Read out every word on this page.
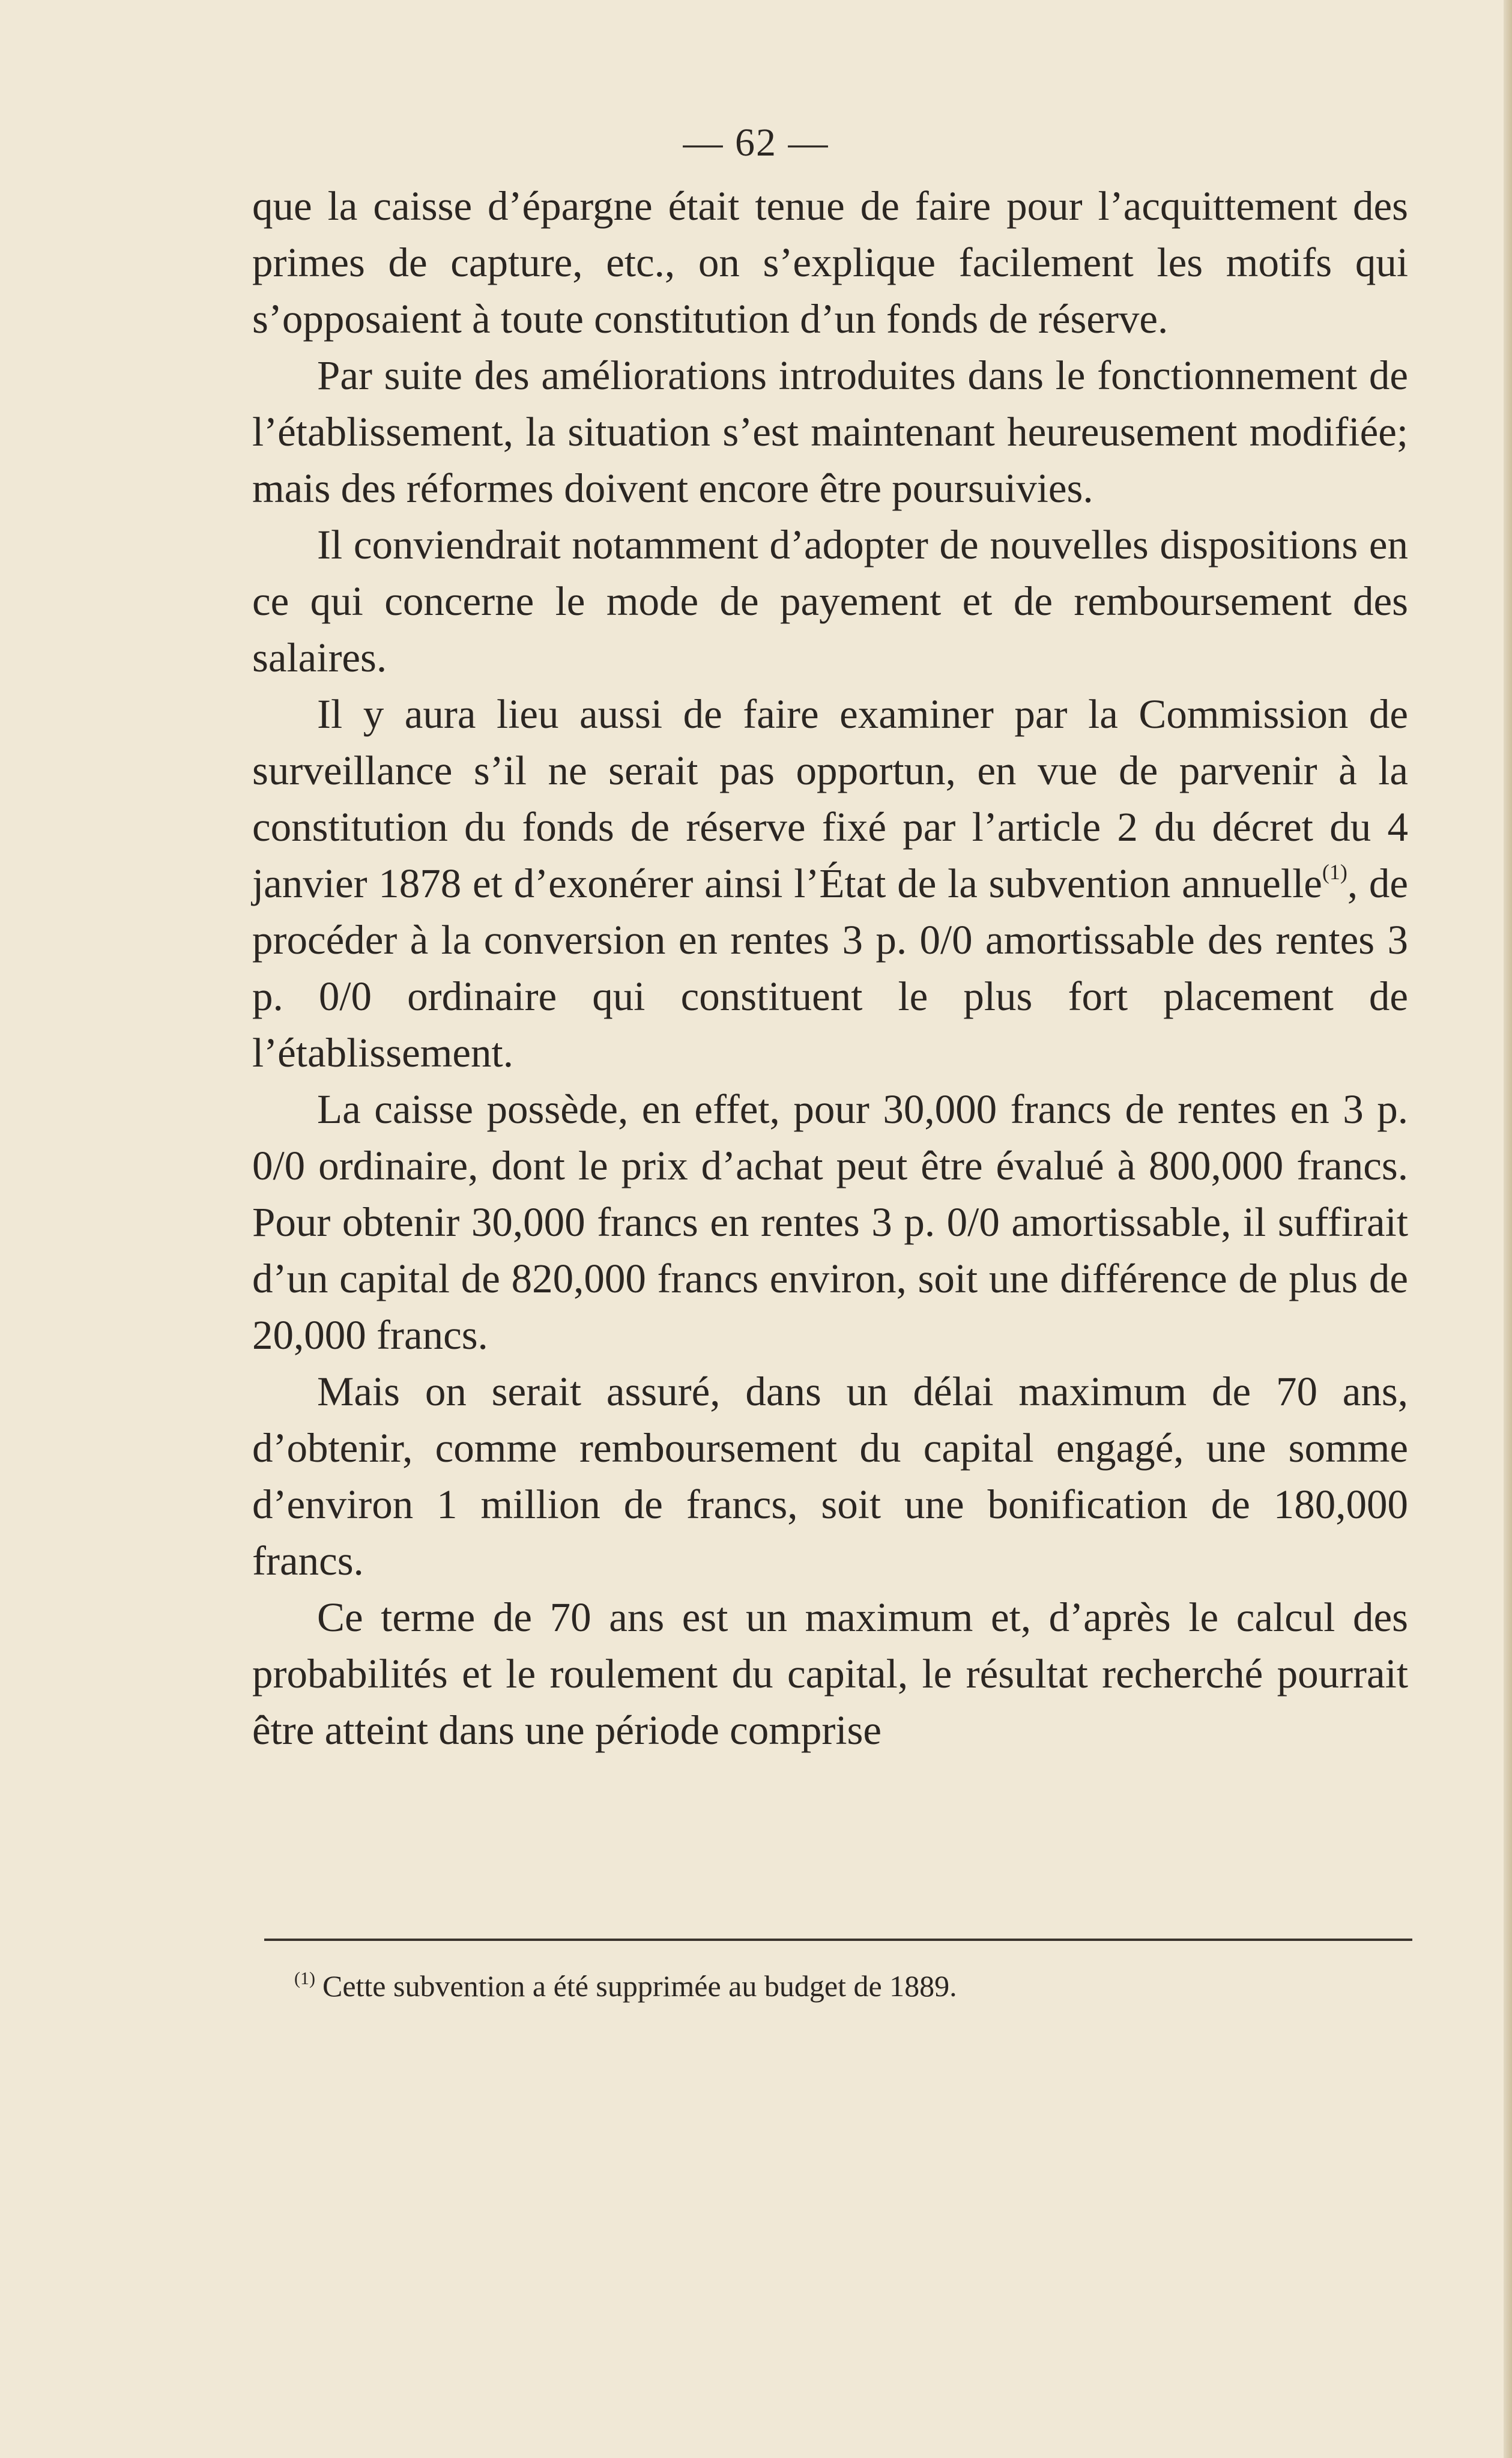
— 62 —

que la caisse d’épargne était tenue de faire pour l’acquittement des primes de capture, etc., on s’explique facilement les motifs qui s’opposaient à toute constitution d’un fonds de réserve.

Par suite des améliorations introduites dans le fonctionnement de l’établissement, la situation s’est maintenant heureusement modifiée; mais des réformes doivent encore être poursuivies.

Il conviendrait notamment d’adopter de nouvelles dispositions en ce qui concerne le mode de payement et de remboursement des salaires.

Il y aura lieu aussi de faire examiner par la Commission de surveillance s’il ne serait pas opportun, en vue de parvenir à la constitution du fonds de réserve fixé par l’article 2 du décret du 4 janvier 1878 et d’exonérer ainsi l’État de la subvention annuelle$^{(1)}$, de procéder à la conversion en rentes 3 p. 0/0 amortissable des rentes 3 p. 0/0 ordinaire qui constituent le plus fort placement de l’établissement.

La caisse possède, en effet, pour 30,000 francs de rentes en 3 p. 0/0 ordinaire, dont le prix d’achat peut être évalué à 800,000 francs. Pour obtenir 30,000 francs en rentes 3 p. 0/0 amortissable, il suffirait d’un capital de 820,000 francs environ, soit une différence de plus de 20,000 francs.

Mais on serait assuré, dans un délai maximum de 70 ans, d’obtenir, comme remboursement du capital engagé, une somme d’environ 1 million de francs, soit une bonification de 180,000 francs.

Ce terme de 70 ans est un maximum et, d’après le calcul des probabilités et le roulement du capital, le résultat recherché pourrait être atteint dans une période comprise

$^{(1)}$ Cette subvention a été supprimée au budget de 1889.
